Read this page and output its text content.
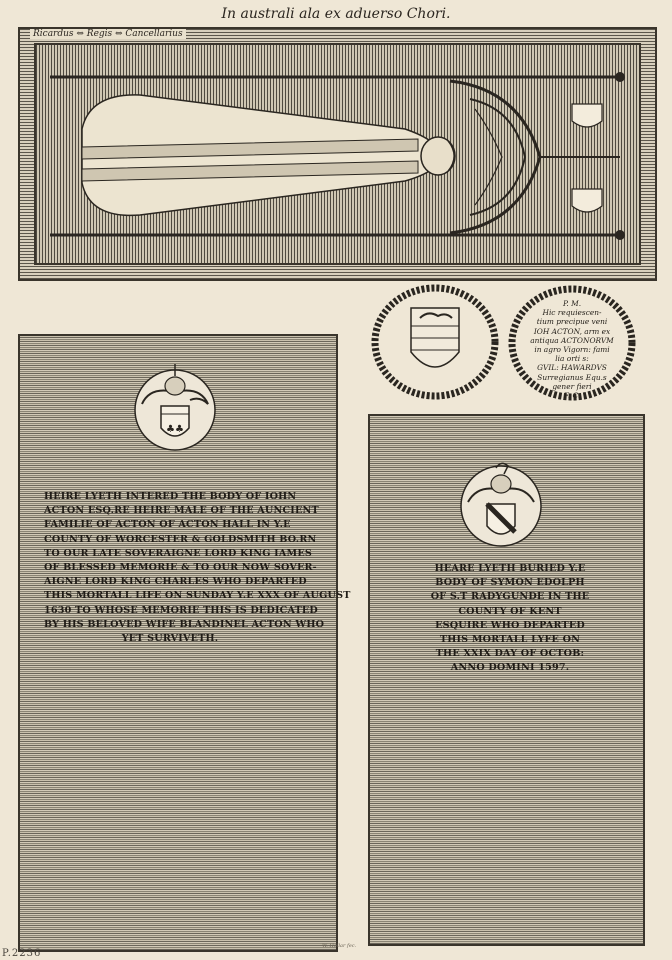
In australi ala ex aduerso Chori.
Ricardus ⇔ Regis ⇔ Cancellarius
P. M.
Hic requiescen-
tium precipue veni
IOH ACTON, arm ex
antiqua ACTONORVM
in agro Vigorn: fami
lia orti s:
GVIL: HAWARDVS
Surregianus Equ.s
gener fieri
F. C.
♣♣
HEIRE LYETH INTERED THE BODY OF IOHN
ACTON ESQ.RE HEIRE MALE OF THE AUNCIENT
FAMILIE OF ACTON OF ACTON HALL IN Y.E
COUNTY OF WORCESTER & GOLDSMITH BO.RN
TO OUR LATE SOVERAIGNE LORD KING IAMES
OF BLESSED MEMORIE & TO OUR NOW SOVER-
AIGNE LORD KING CHARLES WHO DEPARTED
THIS MORTALL LIFE ON SUNDAY Y.E XXX OF AUGUST
1630 TO WHOSE MEMORIE THIS IS DEDICATED
BY HIS BELOVED WIFE BLANDINEL ACTON WHO
YET SURVIVETH.
HEARE LYETH BURIED Y.E
BODY OF SYMON EDOLPH
OF S.T RADYGUNDE IN THE
COUNTY OF KENT
ESQUIRE WHO DEPARTED
THIS MORTALL LYFE ON
THE XXIX DAY OF OCTOB:
ANNO DOMINI 1597.
W. Hollar fec.
P.2236
